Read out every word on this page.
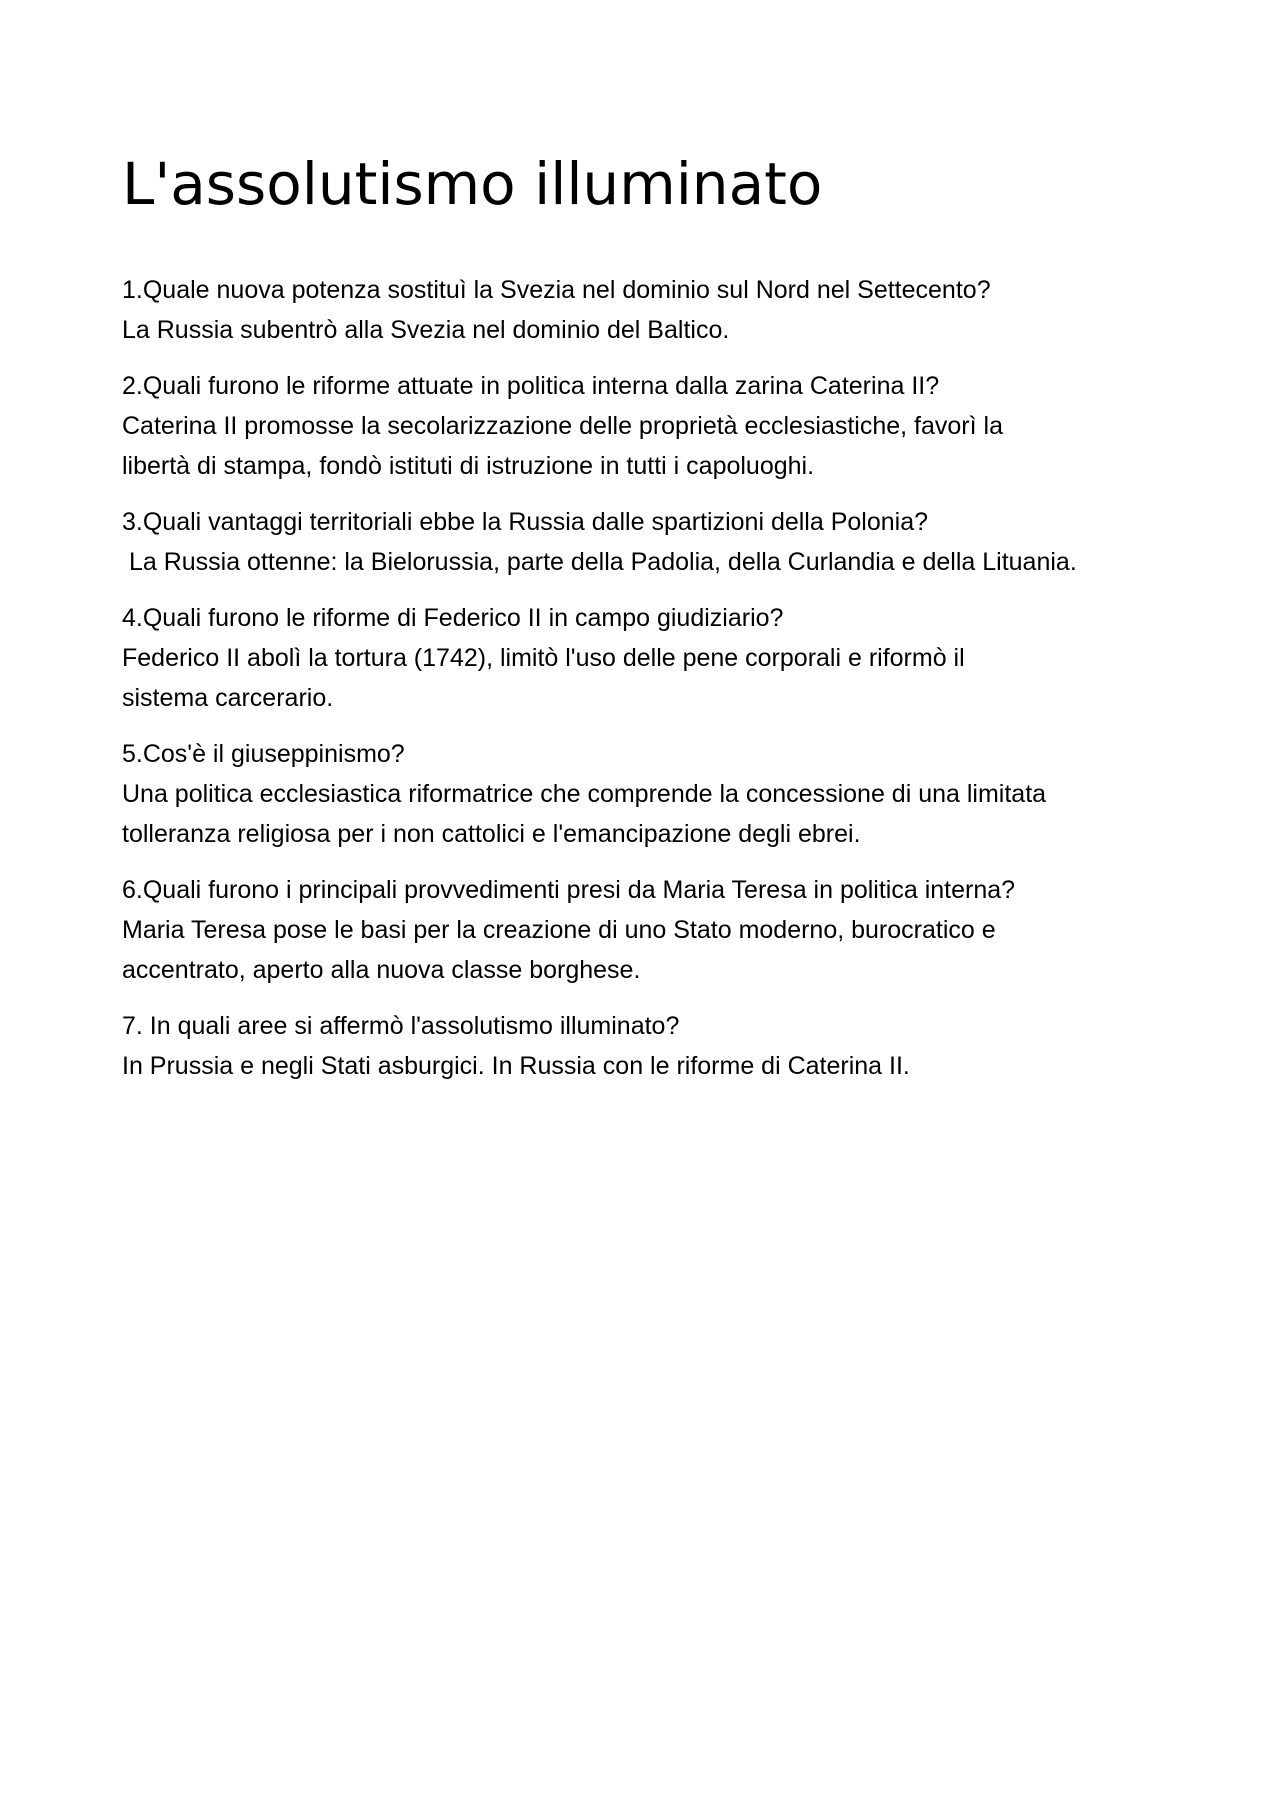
L'assolutismo illuminato
1.Quale nuova potenza sostituì la Svezia nel dominio sul Nord nel Settecento?
La Russia subentrò alla Svezia nel dominio del Baltico.
2.Quali furono le riforme attuate in politica interna dalla zarina Caterina II?
Caterina II promosse la secolarizzazione delle proprietà ecclesiastiche, favorì la
libertà di stampa, fondò istituti di istruzione in tutti i capoluoghi.
3.Quali vantaggi territoriali ebbe la Russia dalle spartizioni della Polonia?
La Russia ottenne: la Bielorussia, parte della Padolia, della Curlandia e della Lituania.
4.Quali furono le riforme di Federico II in campo giudiziario?
Federico II abolì la tortura (1742), limitò l'uso delle pene corporali e riformò il
sistema carcerario.
5.Cos'è il giuseppinismo?
Una politica ecclesiastica riformatrice che comprende la concessione di una limitata
tolleranza religiosa per i non cattolici e l'emancipazione degli ebrei.
6.Quali furono i principali provvedimenti presi da Maria Teresa in politica interna?
Maria Teresa pose le basi per la creazione di uno Stato moderno, burocratico e
accentrato, aperto alla nuova classe borghese.
7. In quali aree si affermò l'assolutismo illuminato?
In Prussia e negli Stati asburgici. In Russia con le riforme di Caterina II.
